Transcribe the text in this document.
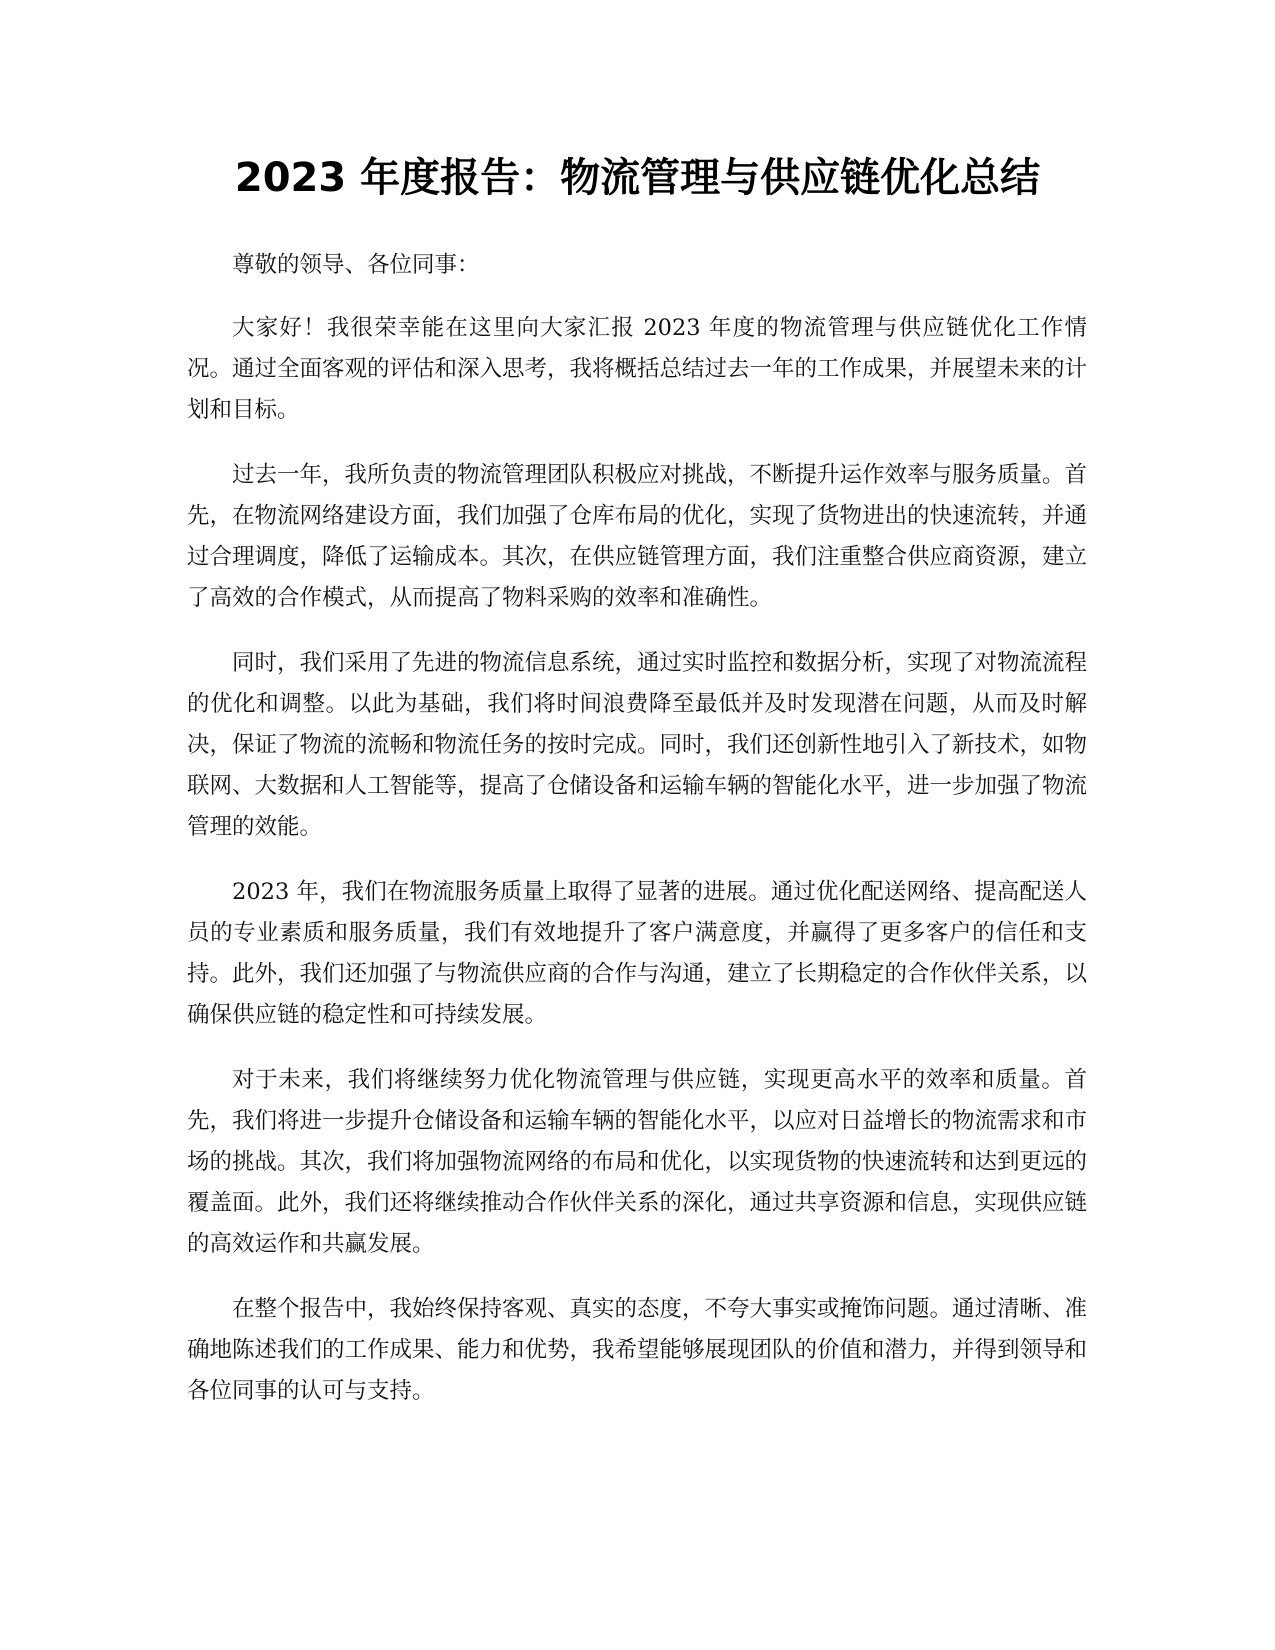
2023 年度报告：物流管理与供应链优化总结

尊敬的领导、各位同事：

大家好！我很荣幸能在这里向大家汇报 2023 年度的物流管理与供应链优化工作情况。通过全面客观的评估和深入思考，我将概括总结过去一年的工作成果，并展望未来的计划和目标。

过去一年，我所负责的物流管理团队积极应对挑战，不断提升运作效率与服务质量。首先，在物流网络建设方面，我们加强了仓库布局的优化，实现了货物进出的快速流转，并通过合理调度，降低了运输成本。其次，在供应链管理方面，我们注重整合供应商资源，建立了高效的合作模式，从而提高了物料采购的效率和准确性。

同时，我们采用了先进的物流信息系统，通过实时监控和数据分析，实现了对物流流程的优化和调整。以此为基础，我们将时间浪费降至最低并及时发现潜在问题，从而及时解决，保证了物流的流畅和物流任务的按时完成。同时，我们还创新性地引入了新技术，如物联网、大数据和人工智能等，提高了仓储设备和运输车辆的智能化水平，进一步加强了物流管理的效能。

2023 年，我们在物流服务质量上取得了显著的进展。通过优化配送网络、提高配送人员的专业素质和服务质量，我们有效地提升了客户满意度，并赢得了更多客户的信任和支持。此外，我们还加强了与物流供应商的合作与沟通，建立了长期稳定的合作伙伴关系，以确保供应链的稳定性和可持续发展。

对于未来，我们将继续努力优化物流管理与供应链，实现更高水平的效率和质量。首先，我们将进一步提升仓储设备和运输车辆的智能化水平，以应对日益增长的物流需求和市场的挑战。其次，我们将加强物流网络的布局和优化，以实现货物的快速流转和达到更远的覆盖面。此外，我们还将继续推动合作伙伴关系的深化，通过共享资源和信息，实现供应链的高效运作和共赢发展。

在整个报告中，我始终保持客观、真实的态度，不夸大事实或掩饰问题。通过清晰、准确地陈述我们的工作成果、能力和优势，我希望能够展现团队的价值和潜力，并得到领导和各位同事的认可与支持。
